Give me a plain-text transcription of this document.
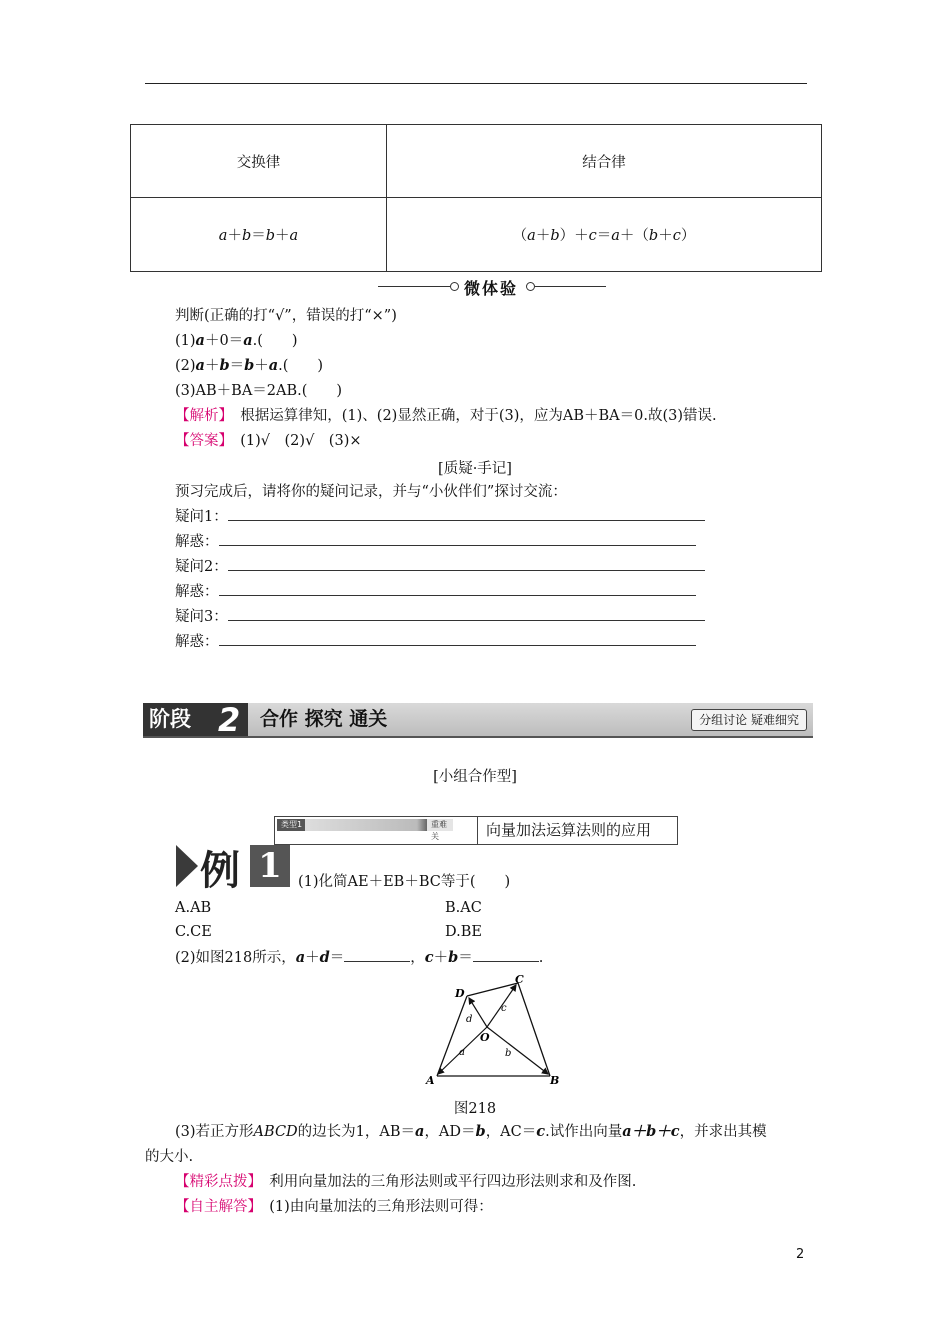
交换律	结合律
a＋b＝b＋a	（a＋b）＋c＝a＋（b＋c）
微体验
判断(正确的打“√”，错误的打“×”)
(1)a＋0＝a.(　　)
(2)a＋b＝b＋a.(　　)
(3)AB＋BA＝2AB.(　　)
【解析】　根据运算律知，(1)、(2)显然正确，对于(3)，应为AB＋BA＝0.故(3)错误.
【答案】　(1)√　(2)√　(3)×
[质疑·手记]
预习完成后，请将你的疑问记录，并与“小伙伴们”探讨交流：
疑问1：
解惑：
疑问2：
解惑：
疑问3：
解惑：
阶段 2 合作 探究 通关	分组讨论 疑难细究
[小组合作型]
类型1	重难关	向量加法运算法则的应用
例 1	(1)化简AE＋EB＋BC等于(　　)
A.AB	B.AC
C.CE	D.BE
(2)如图218所示，a＋d＝	，c＋b＝	.
A	B
C
D
O
a	b
c
d
图218
(3)若正方形ABCD的边长为1，AB＝a，AD＝b，AC＝c.试作出向量a＋b＋c，并求出其模
的大小.
【精彩点拨】　利用向量加法的三角形法则或平行四边形法则求和及作图.
【自主解答】　(1)由向量加法的三角形法则可得：
2
